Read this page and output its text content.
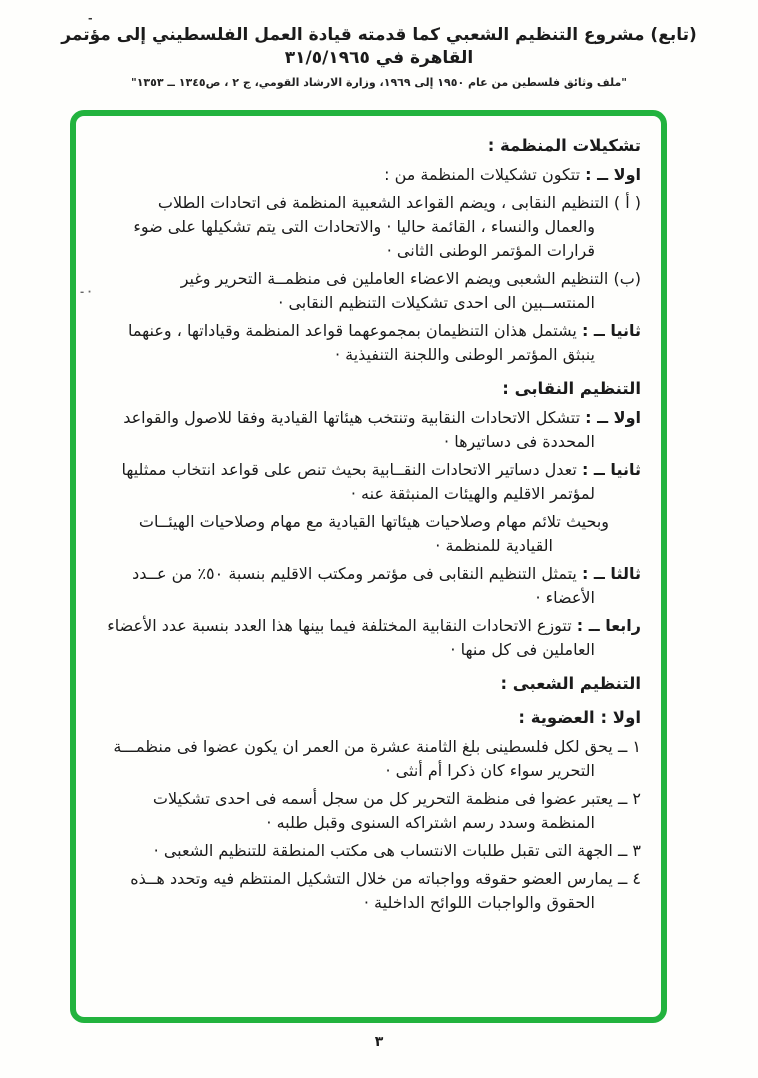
-
(تابع) مشروع التنظيم الشعبي كما قدمته قيادة العمل الفلسطيني إلى مؤتمر القاهرة في ٣١/٥/١٩٦٥
"ملف وثائق فلسطين من عام ١٩٥٠ إلى ١٩٦٩، وزارة الارشاد القومي، ج ٢ ، ص١٣٤٥ ــ ١٣٥٣"
تشكيلات المنظمة :
اولا ــ : تتكون تشكيلات المنظمة من :
( أ ) التنظيم النقابى ، ويضم القواعد الشعبية المنظمة فى اتحادات الطلاب والعمال والنساء ، القائمة حاليا · والاتحادات التى يتم تشكيلها على ضوء قرارات المؤتمر الوطنى الثانى ·
(ب) التنظيم الشعبى ويضم الاعضاء العاملين فى منظمــة التحرير وغير المنتســبين الى احدى تشكيلات التنظيم النقابى ·
ثانيا ــ : يشتمل هذان التنظيمان بمجموعهما قواعد المنظمة وقياداتها ، وعنهما ينبثق المؤتمر الوطنى واللجنة التنفيذية ·
التنظيم النقابى :
اولا ــ : تتشكل الاتحادات النقابية وتنتخب هيئاتها القيادية وفقا للاصول والقواعد المحددة فى دساتيرها ·
ثانيا ــ : تعدل دساتير الاتحادات النقــابية بحيث تنص على قواعد انتخاب ممثليها لمؤتمر الاقليم والهيئات المنبثقة عنه ·
وبحيث تلائم مهام وصلاحيات هيئاتها القيادية مع مهام وصلاحيات الهيئــات القيادية للمنظمة ·
ثالثا ــ : يتمثل التنظيم النقابى فى مؤتمر ومكتب الاقليم بنسبة ٥٠٪ من عــدد الأعضاء ·
رابعا ــ : تتوزع الاتحادات النقابية المختلفة فيما بينها هذا العدد بنسبة عدد الأعضاء العاملين فى كل منها ·
التنظيم الشعبى :
اولا : العضوية :
١ ــ يحق لكل فلسطينى بلغ الثامنة عشرة من العمر ان يكون عضوا فى منظمـــة التحرير سواء كان ذكرا أم أنثى ·
٢ ــ يعتبر عضوا فى منظمة التحرير كل من سجل أسمه فى احدى تشكيلات المنظمة وسدد رسم اشتراكه السنوى وقبل طلبه ·
٣ ــ الجهة التى تقبل طلبات الانتساب هى مكتب المنطقة للتنظيم الشعبى ·
٤ ــ يمارس العضو حقوقه وواجباته من خلال التشكيل المنتظم فيه وتحدد هــذه الحقوق والواجبات اللوائح الداخلية ·
- ·
٣
